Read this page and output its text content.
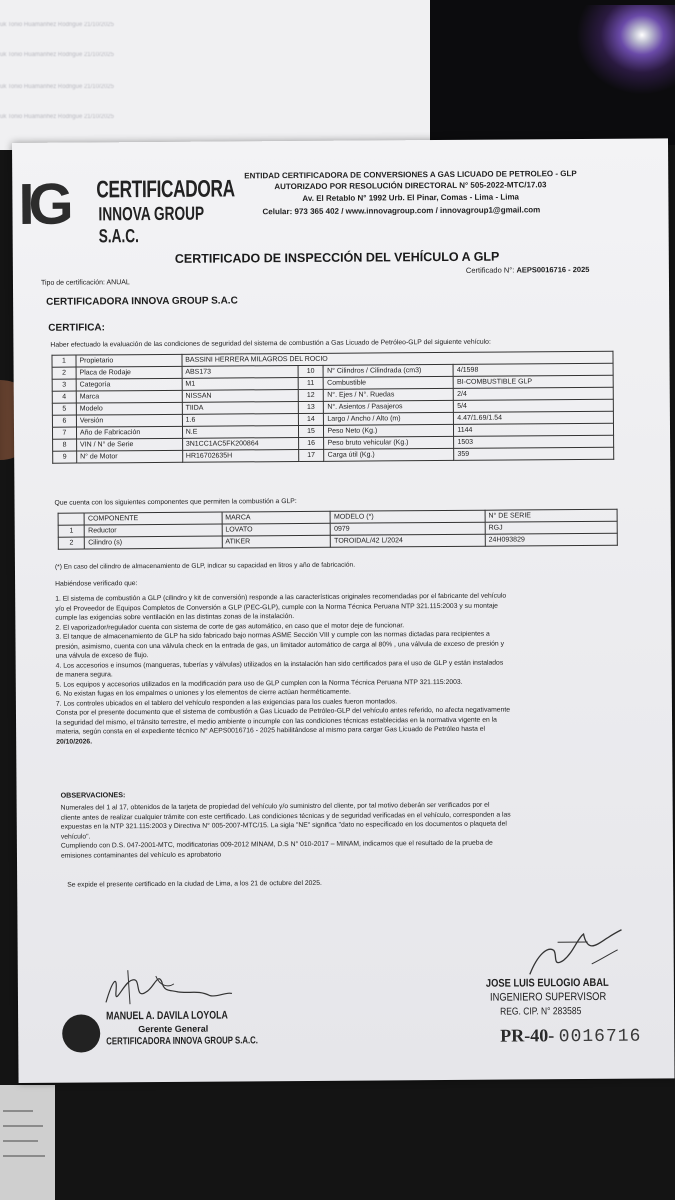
uk Tonio Huamanhez Rodrigue 21/10/2025
uk Tonio Huamanhez Rodrigue 21/10/2025
uk Tonio Huamanhez Rodrigue 21/10/2025
uk Tonio Huamanhez Rodrigue 21/10/2025
IG CERTIFICADORA
INNOVA GROUP S.A.C.
ENTIDAD CERTIFICADORA DE CONVERSIONES A GAS LICUADO DE PETROLEO - GLP
AUTORIZADO POR RESOLUCIÓN DIRECTORAL N° 505-2022-MTC/17.03
Av. El Retablo N° 1992 Urb. El Pinar, Comas - Lima - Lima
Celular: 973 365 402 / www.innovagroup.com / innovagroup1@gmail.com
CERTIFICADO DE INSPECCIÓN DEL VEHÍCULO A GLP
Tipo de certificación: ANUAL
Certificado N°: AEPS0016716 - 2025
CERTIFICADORA INNOVA GROUP S.A.C
CERTIFICA:
Haber efectuado la evaluación de las condiciones de seguridad del sistema de combustión a Gas Licuado de Petróleo-GLP del siguiente vehículo:
1	Propietario	BASSINI HERRERA MILAGROS DEL ROCIO			
2	Placa de Rodaje	ABS173	10	N° Cilindros / Cilindrada (cm3)	4/1598
3	Categoría	M1	11	Combustible	BI-COMBUSTIBLE GLP
4	Marca	NISSAN	12	N°. Ejes / N°. Ruedas	2/4
5	Modelo	TIIDA	13	N°. Asientos / Pasajeros	5/4
6	Versión	1.6	14	Largo / Ancho / Alto (m)	4.47/1.69/1.54
7	Año de Fabricación	N.E	15	Peso Neto (Kg.)	1144
8	VIN / N° de Serie	3N1CC1AC5FK200864	16	Peso bruto vehicular (Kg.)	1503
9	N° de Motor	HR16702635H	17	Carga útil (Kg.)	359
Que cuenta con los siguientes componentes que permiten la combustión a GLP:
	COMPONENTE	MARCA	MODELO (*)	N° DE SERIE
1	Reductor	LOVATO	0979	RGJ
2	Cilindro (s)	ATIKER	TOROIDAL/42 L/2024	24H093829
(*) En caso del cilindro de almacenamiento de GLP, indicar su capacidad en litros y año de fabricación.
Habiéndose verificado que:
1. El sistema de combustión a GLP (cilindro y kit de conversión) responde a las características originales recomendadas por el fabricante del vehículo
y/o el Proveedor de Equipos Completos de Conversión a GLP (PEC-GLP), cumple con la Norma Técnica Peruana NTP 321.115:2003 y su montaje
cumple las exigencias sobre ventilación en las distintas zonas de la instalación.
2. El vaporizador/regulador cuenta con sistema de corte de gas automático, en caso que el motor deje de funcionar.
3. El tanque de almacenamiento de GLP ha sido fabricado bajo normas ASME Sección VIII y cumple con las normas dictadas para recipientes a
presión, asimismo, cuenta con una válvula check en la entrada de gas, un limitador automático de carga al 80% , una válvula de exceso de presión y
una válvula de exceso de flujo.
4. Los accesorios e insumos (mangueras, tuberías y válvulas) utilizados en la instalación han sido certificados para el uso de GLP y están instalados
de manera segura.
5. Los equipos y accesorios utilizados en la modificación para uso de GLP cumplen con la Norma Técnica Peruana NTP 321.115:2003.
6. No existan fugas en los empalmes o uniones y los elementos de cierre actúan herméticamente.
7. Los controles ubicados en el tablero del vehículo responden a las exigencias para los cuales fueron montados.
Consta por el presente documento que el sistema de combustión a Gas Licuado de Petróleo-GLP del vehículo antes referido, no afecta negativamente
la seguridad del mismo, el tránsito terrestre, el medio ambiente o incumple con las condiciones técnicas establecidas en la normativa vigente en la
materia, según consta en el expediente técnico N° AEPS0016716 - 2025 habilitándose al mismo para cargar Gas Licuado de Petróleo hasta el
20/10/2026.
OBSERVACIONES:
Numerales del 1 al 17, obtenidos de la tarjeta de propiedad del vehículo y/o suministro del cliente, por tal motivo deberán ser verificados por el
cliente antes de realizar cualquier trámite con este certificado. Las condiciones técnicas y de seguridad verificadas en el vehículo, corresponden a las
expuestas en la NTP 321.115:2003 y Directiva N° 005-2007-MTC/15. La sigla "NE" significa "dato no especificado en los documentos o plaqueta del
vehículo".
Cumpliendo con D.S. 047-2001-MTC, modificatorias 009-2012 MINAM, D.S N° 010-2017 – MINAM, indicamos que el resultado de la prueba de
emisiones contaminantes del vehículo es aprobatorio
Se expide el presente certificado en la ciudad de Lima, a los 21 de octubre del 2025.
MANUEL A. DAVILA LOYOLA
Gerente General
CERTIFICADORA INNOVA GROUP S.A.C.
JOSE LUIS EULOGIO ABAL
INGENIERO SUPERVISOR
REG. CIP. N° 283585
PR-40- 0016716
